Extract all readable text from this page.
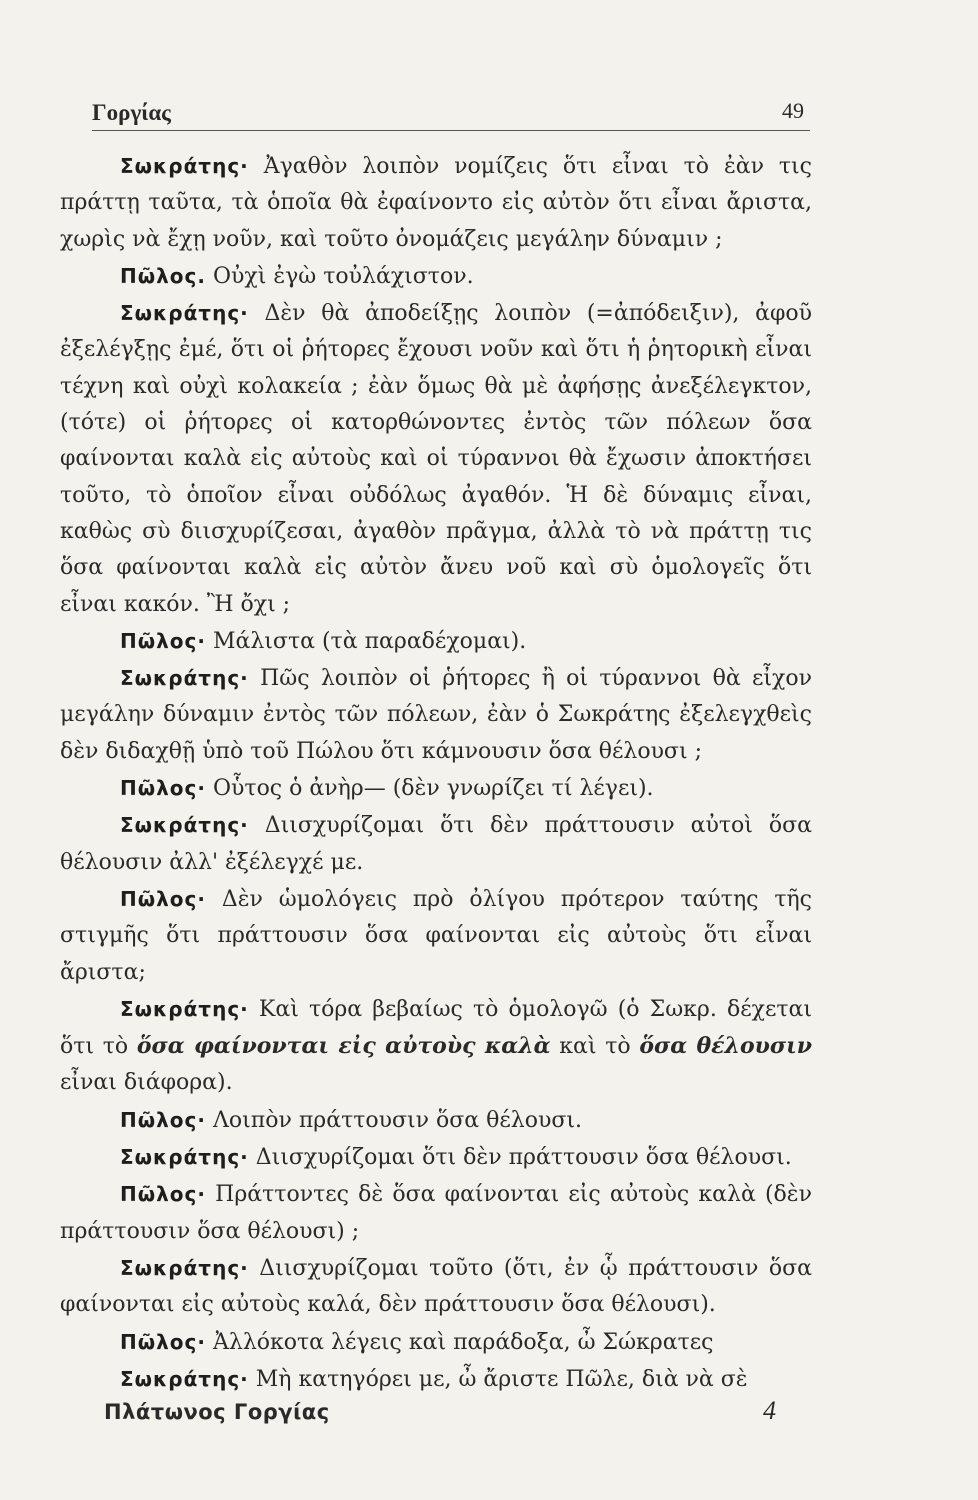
Γοργίας	49

Σωκράτης· Ἀγαθὸν λοιπὸν νομίζεις ὅτι εἶναι τὸ ἐὰν τις πράττῃ ταῦτα, τὰ ὁποῖα θὰ ἐφαίνοντο εἰς αὐτὸν ὅτι εἶναι ἄριστα, χωρὶς νὰ ἔχῃ νοῦν, καὶ τοῦτο ὀνομάζεις μεγάλην δύναμιν ;

Πῶλος. Οὐχὶ ἐγὼ τοὐλάχιστον.

Σωκράτης· Δὲν θὰ ἀποδείξῃς λοιπὸν (=ἀπόδειξιν), ἀφοῦ ἐξελέγξῃς ἐμέ, ὅτι οἱ ῥήτορες ἔχουσι νοῦν καὶ ὅτι ἡ ῥητορικὴ εἶναι τέχνη καὶ οὐχὶ κολακεία ; ἐὰν ὅμως θὰ μὲ ἀφήσῃς ἀνεξέλεγκτον, (τότε) οἱ ῥήτορες οἱ κατορθώνοντες ἐντὸς τῶν πόλεων ὅσα φαίνονται καλὰ εἰς αὐτοὺς καὶ οἱ τύραννοι θὰ ἔχωσιν ἀποκτήσει τοῦτο, τὸ ὁποῖον εἶναι οὐδόλως ἀγαθόν. Ἡ δὲ δύναμις εἶναι, καθὼς σὺ διισχυρίζεσαι, ἀγαθὸν πρᾶγμα, ἀλλὰ τὸ νὰ πράττῃ τις ὅσα φαίνονται καλὰ εἰς αὐτὸν ἄνευ νοῦ καὶ σὺ ὁμολογεῖς ὅτι εἶναι κακόν. Ἢ ὄχι ;

Πῶλος· Μάλιστα (τὰ παραδέχομαι).

Σωκράτης· Πῶς λοιπὸν οἱ ῥήτορες ἢ οἱ τύραννοι θὰ εἶχον μεγάλην δύναμιν ἐντὸς τῶν πόλεων, ἐὰν ὁ Σωκράτης ἐξελεγχθεὶς δὲν διδαχθῇ ὑπὸ τοῦ Πώλου ὅτι κάμνουσιν ὅσα θέλουσι ;

Πῶλος· Οὗτος ὁ ἀνὴρ— (δὲν γνωρίζει τί λέγει).

Σωκράτης· Διισχυρίζομαι ὅτι δὲν πράττουσιν αὐτοὶ ὅσα θέλουσιν ἀλλ' ἐξέλεγχέ με.

Πῶλος· Δὲν ὡμολόγεις πρὸ ὀλίγου πρότερον ταύτης τῆς στιγμῆς ὅτι πράττουσιν ὅσα φαίνονται εἰς αὐτοὺς ὅτι εἶναι ἄριστα;

Σωκράτης· Καὶ τόρα βεβαίως τὸ ὁμολογῶ (ὁ Σωκρ. δέχεται ὅτι τὸ ὅσα φαίνονται εἰς αὐτοὺς καλὰ καὶ τὸ ὅσα θέλουσιν εἶναι διάφορα).

Πῶλος· Λοιπὸν πράττουσιν ὅσα θέλουσι.

Σωκράτης· Διισχυρίζομαι ὅτι δὲν πράττουσιν ὅσα θέλουσι.

Πῶλος· Πράττοντες δὲ ὅσα φαίνονται εἰς αὐτοὺς καλὰ (δὲν πράττουσιν ὅσα θέλουσι) ;

Σωκράτης· Διισχυρίζομαι τοῦτο (ὅτι, ἐν ᾧ πράττουσιν ὅσα φαίνονται εἰς αὐτοὺς καλά, δὲν πράττουσιν ὅσα θέλουσι).

Πῶλος· Ἀλλόκοτα λέγεις καὶ παράδοξα, ὦ Σώκρατες

Σωκράτης· Μὴ κατηγόρει με, ὦ ἄριστε Πῶλε, διὰ νὰ σὲ

Πλάτωνος Γοργίας	4
